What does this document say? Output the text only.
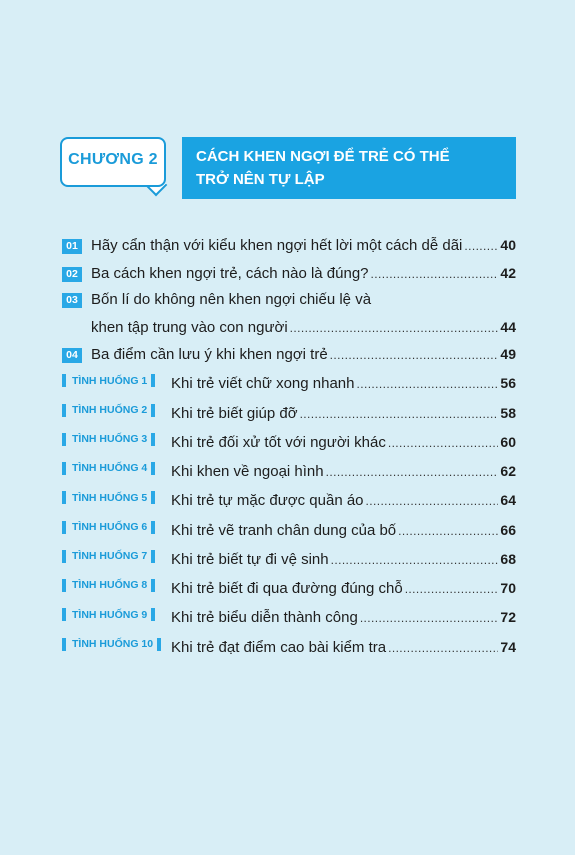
CHƯƠNG 2	CÁCH KHEN NGỢI ĐỂ TRẺ CÓ THỂ
TRỞ NÊN TỰ LẬP
01 Hãy cẩn thận với kiểu khen ngợi hết lời một cách dễ dãi .....	40
02 Ba cách khen ngợi trẻ, cách nào là đúng? .....	42
03 Bốn lí do không nên khen ngợi chiếu lệ và
khen tập trung vào con người .....	44
04 Ba điểm cần lưu ý khi khen ngợi trẻ .....	49
TÌNH HUỐNG 1 Khi trẻ viết chữ xong nhanh .....	56
TÌNH HUỐNG 2 Khi trẻ biết giúp đỡ .....	58
TÌNH HUỐNG 3 Khi trẻ đối xử tốt với người khác .....	60
TÌNH HUỐNG 4 Khi khen về ngoại hình .....	62
TÌNH HUỐNG 5 Khi trẻ tự mặc được quần áo .....	64
TÌNH HUỐNG 6 Khi trẻ vẽ tranh chân dung của bố .....	66
TÌNH HUỐNG 7 Khi trẻ biết tự đi vệ sinh .....	68
TÌNH HUỐNG 8 Khi trẻ biết đi qua đường đúng chỗ .....	70
TÌNH HUỐNG 9 Khi trẻ biểu diễn thành công .....	72
TÌNH HUỐNG 10 Khi trẻ đạt điểm cao bài kiểm tra .....	74
